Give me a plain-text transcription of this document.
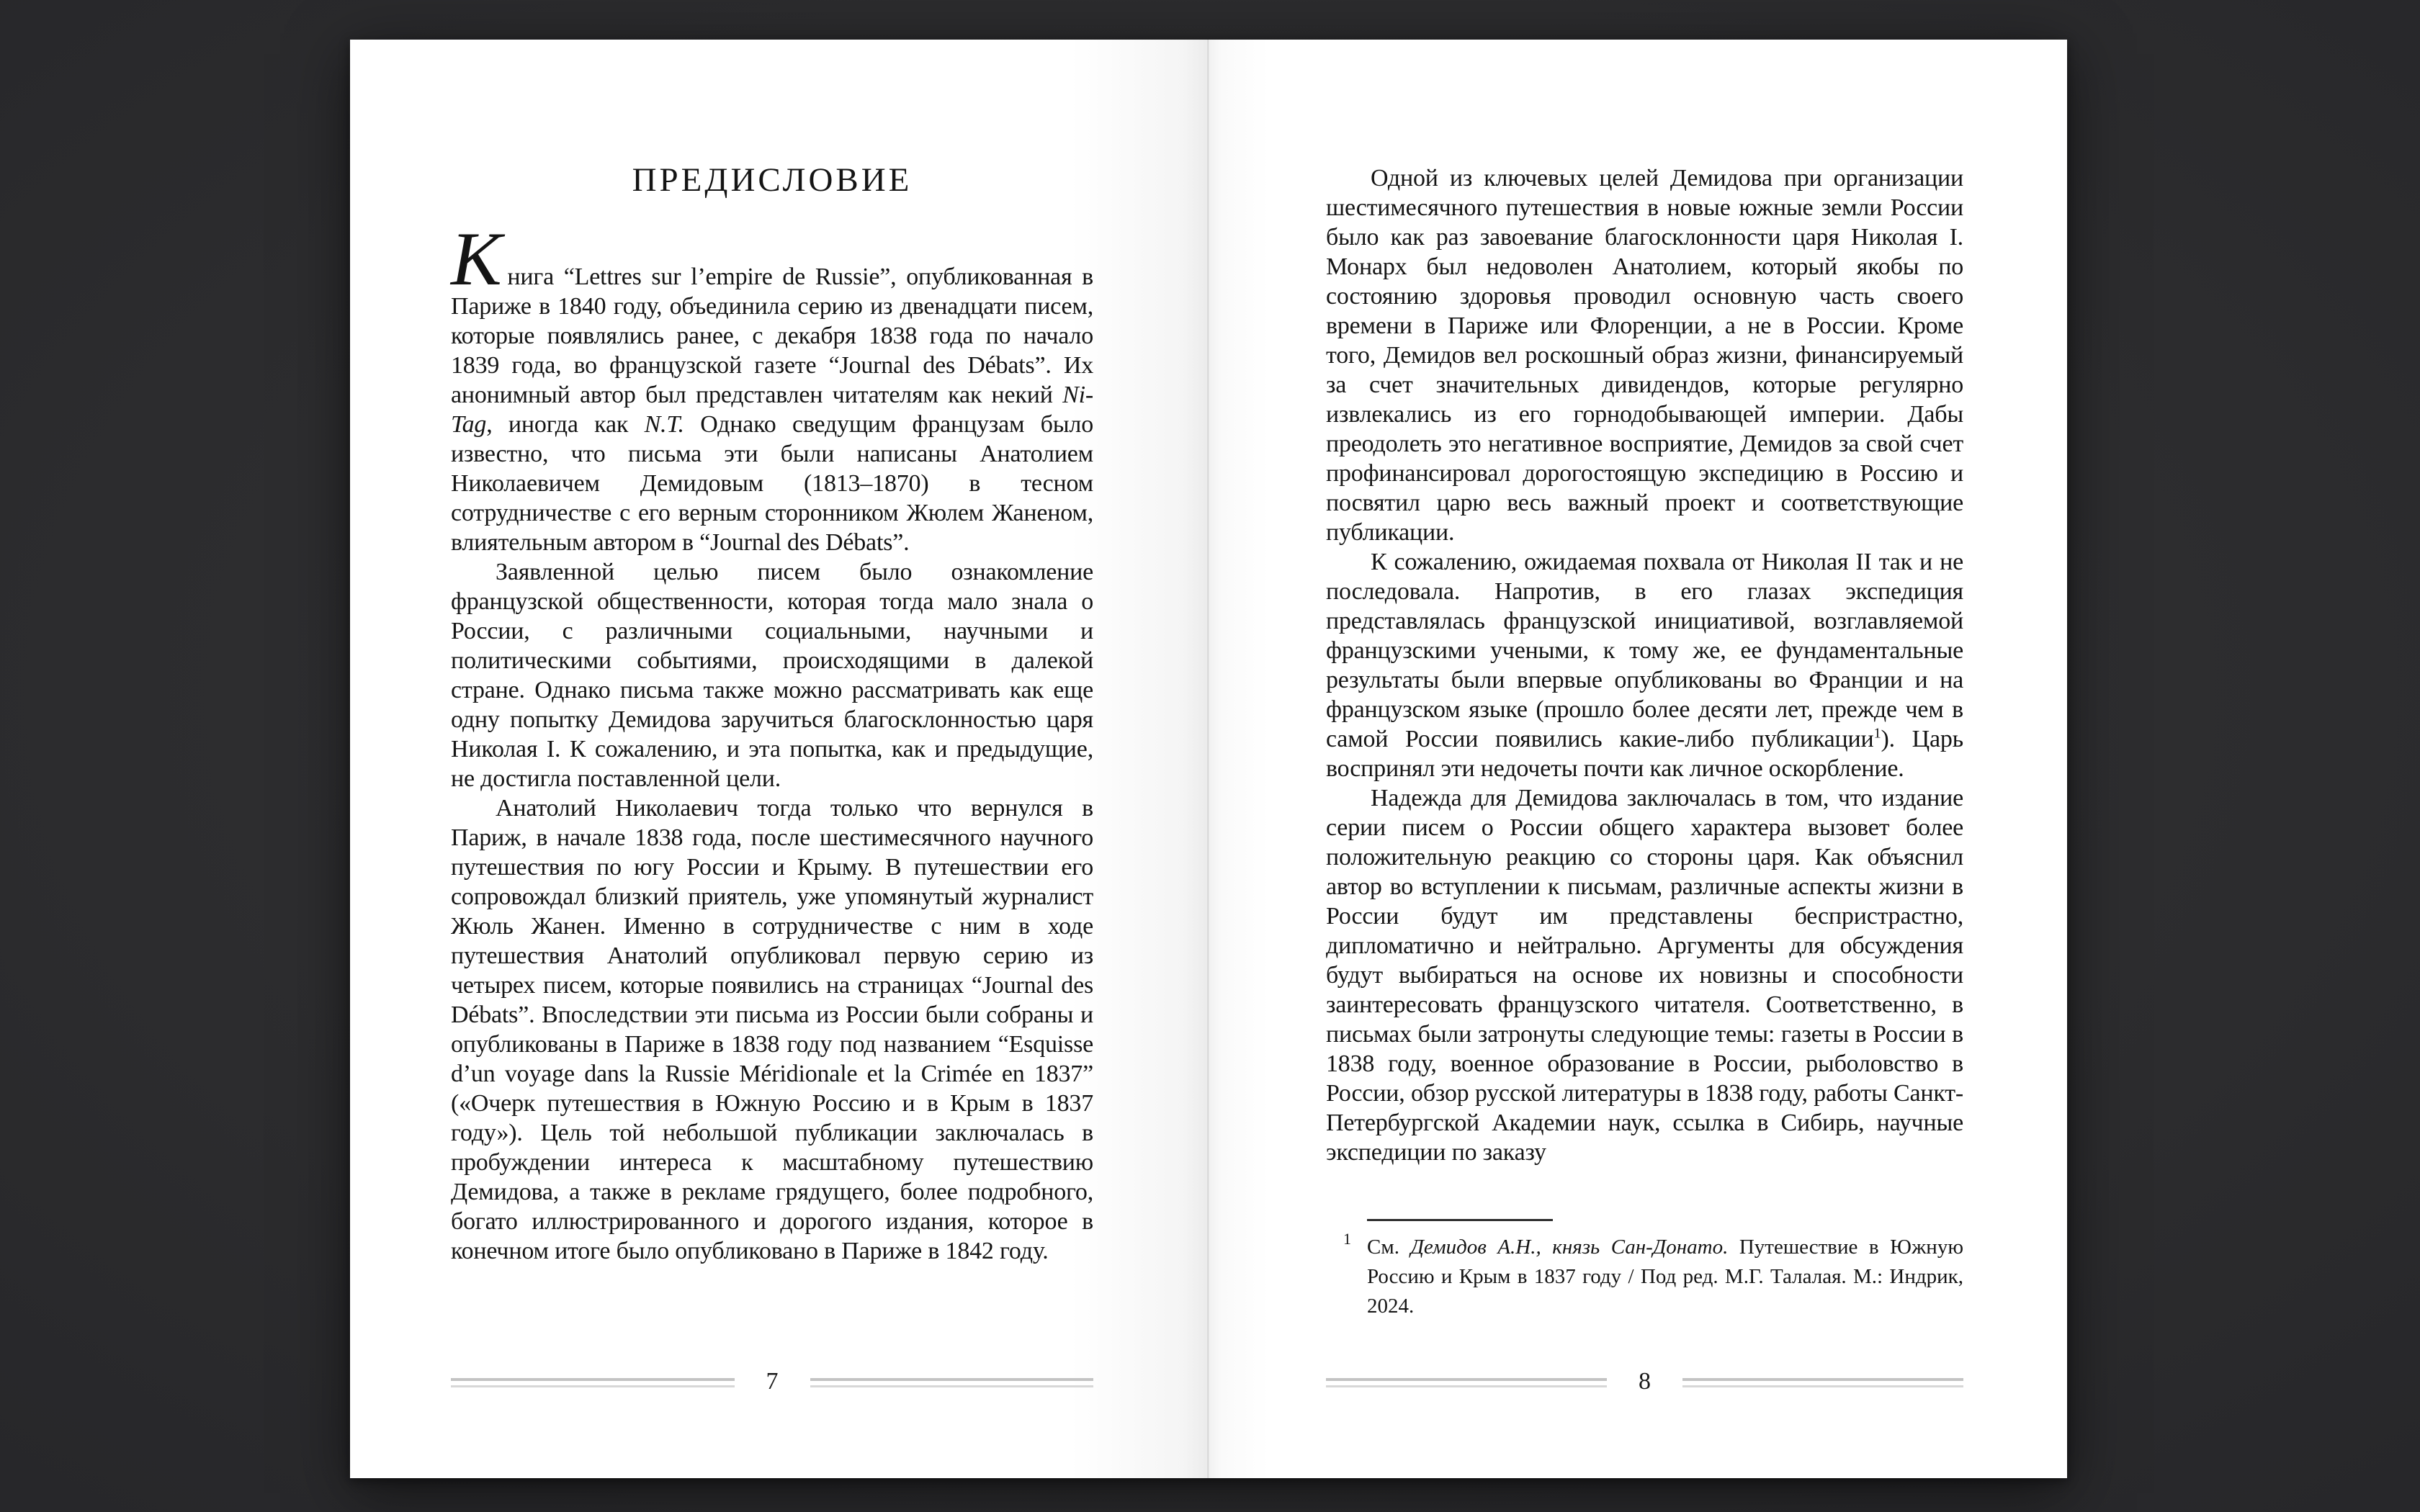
ПРЕДИСЛОВИЕ

Книга “Lettres sur l’empire de Russie”, опубликованная в Париже в 1840 году, объединила серию из двенадцати писем, которые появлялись ранее, с декабря 1838 года по начало 1839 года, во французской газете “Journal des Débats”. Их анонимный автор был представлен читателям как некий Ni-Tag, иногда как N.T. Однако сведущим французам было известно, что письма эти были написаны Анатолием Николаевичем Демидовым (1813–1870) в тесном сотрудничестве с его верным сторонником Жюлем Жаненом, влиятельным автором в “Journal des Débats”.

Заявленной целью писем было ознакомление французской общественности, которая тогда мало знала о России, с различными социальными, научными и политическими событиями, происходящими в далекой стране. Однако письма также можно рассматривать как еще одну попытку Демидова заручиться благосклонностью царя Николая I. К сожалению, и эта попытка, как и предыдущие, не достигла поставленной цели.

Анатолий Николаевич тогда только что вернулся в Париж, в начале 1838 года, после шестимесячного научного путешествия по югу России и Крыму. В путешествии его сопровождал близкий приятель, уже упомянутый журналист Жюль Жанен. Именно в сотрудничестве с ним в ходе путешествия Анатолий опубликовал первую серию из четырех писем, которые появились на страницах “Journal des Débats”. Впоследствии эти письма из России были собраны и опубликованы в Париже в 1838 году под названием “Esquisse d’un voyage dans la Russie Méridionale et la Crimée en 1837” («Очерк путешествия в Южную Россию и в Крым в 1837 году»). Цель той небольшой публикации заключалась в пробуждении интереса к масштабному путешествию Демидова, а также в рекламе грядущего, более подробного, богато иллюстрированного и дорогого издания, которое в конечном итоге было опубликовано в Париже в 1842 году.

7

Одной из ключевых целей Демидова при организации шестимесячного путешествия в новые южные земли России было как раз завоевание благосклонности царя Николая I. Монарх был недоволен Анатолием, который якобы по состоянию здоровья проводил основную часть своего времени в Париже или Флоренции, а не в России. Кроме того, Демидов вел роскошный образ жизни, финансируемый за счет значительных дивидендов, которые регулярно извлекались из его горнодобывающей империи. Дабы преодолеть это негативное восприятие, Демидов за свой счет профинансировал дорогостоящую экспедицию в Россию и посвятил царю весь важный проект и соответствующие публикации.

К сожалению, ожидаемая похвала от Николая II так и не последовала. Напротив, в его глазах экспедиция представлялась французской инициативой, возглавляемой французскими учеными, к тому же, ее фундаментальные результаты были впервые опубликованы во Франции и на французском языке (прошло более десяти лет, прежде чем в самой России появились какие-либо публикации$^1$). Царь воспринял эти недочеты почти как личное оскорбление.

Надежда для Демидова заключалась в том, что издание серии писем о России общего характера вызовет более положительную реакцию со стороны царя. Как объяснил автор во вступлении к письмам, различные аспекты жизни в России будут им представлены беспристрастно, дипломатично и нейтрально. Аргументы для обсуждения будут выбираться на основе их новизны и способности заинтересовать французского читателя. Соответственно, в письмах были затронуты следующие темы: газеты в России в 1838 году, военное образование в России, рыболовство в России, обзор русской литературы в 1838 году, работы Санкт-Петербургской Академии наук, ссылка в Сибирь, научные экспедиции по заказу

1 См. Демидов А.Н., князь Сан-Донато. Путешествие в Южную Россию и Крым в 1837 году / Под ред. М.Г. Талалая. М.: Индрик, 2024.
8
